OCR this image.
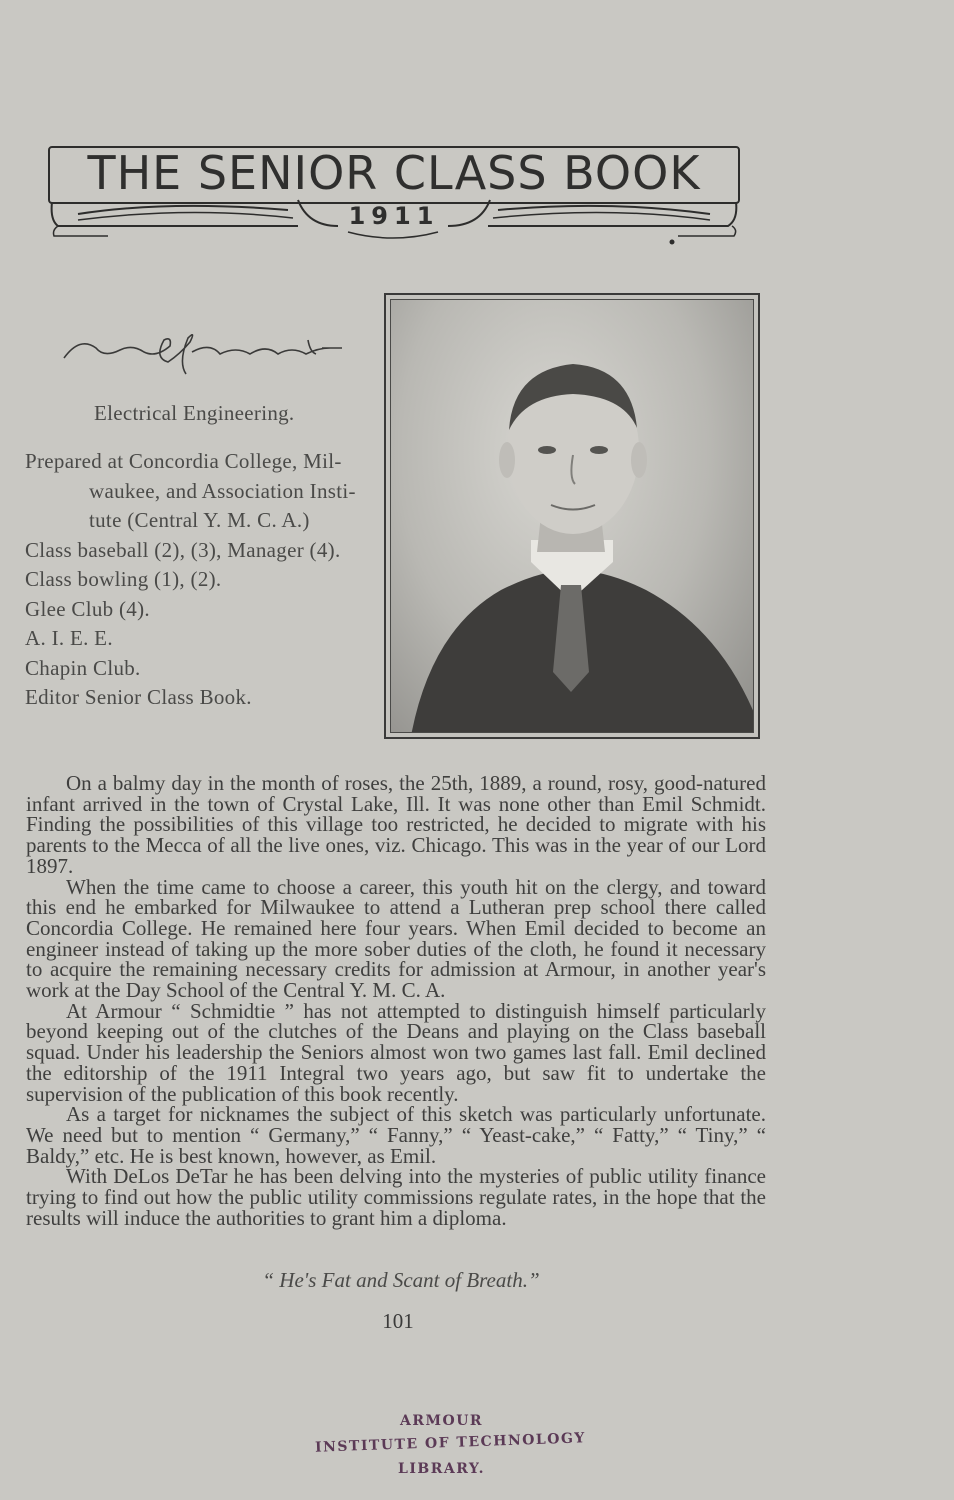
THE SENIOR CLASS BOOK
1911
Electrical Engineering.
Prepared at Concordia College, Mil-
waukee, and Association Insti-
tute (Central Y. M. C. A.)
Class baseball (2), (3), Manager (4).
Class bowling (1), (2).
Glee Club (4).
A. I. E. E.
Chapin Club.
Editor Senior Class Book.

On a balmy day in the month of roses, the 25th, 1889, a round, rosy, good-natured infant arrived in the town of Crystal Lake, Ill. It was none other than Emil Schmidt. Finding the possibilities of this village too restricted, he decided to migrate with his parents to the Mecca of all the live ones, viz. Chicago. This was in the year of our Lord 1897.

When the time came to choose a career, this youth hit on the clergy, and toward this end he embarked for Milwaukee to attend a Lutheran prep school there called Concordia College. He remained here four years. When Emil decided to become an engineer instead of taking up the more sober duties of the cloth, he found it necessary to acquire the remaining necessary credits for admission at Armour, in another year's work at the Day School of the Central Y. M. C. A.

At Armour “ Schmidtie ” has not attempted to distinguish himself particularly beyond keeping out of the clutches of the Deans and playing on the Class baseball squad. Under his leadership the Seniors almost won two games last fall. Emil declined the editorship of the 1911 Integral two years ago, but saw fit to undertake the supervision of the publication of this book recently.

As a target for nicknames the subject of this sketch was particularly unfortunate. We need but to mention “ Germany,” “ Fanny,” “ Yeast-cake,” “ Fatty,” “ Tiny,” “ Baldy,” etc. He is best known, however, as Emil.

With DeLos DeTar he has been delving into the mysteries of public utility finance trying to find out how the public utility commissions regulate rates, in the hope that the results will induce the authorities to grant him a diploma.

“ He's Fat and Scant of Breath.”
101
ARMOUR
INSTITUTE OF TECHNOLOGY
LIBRARY.
